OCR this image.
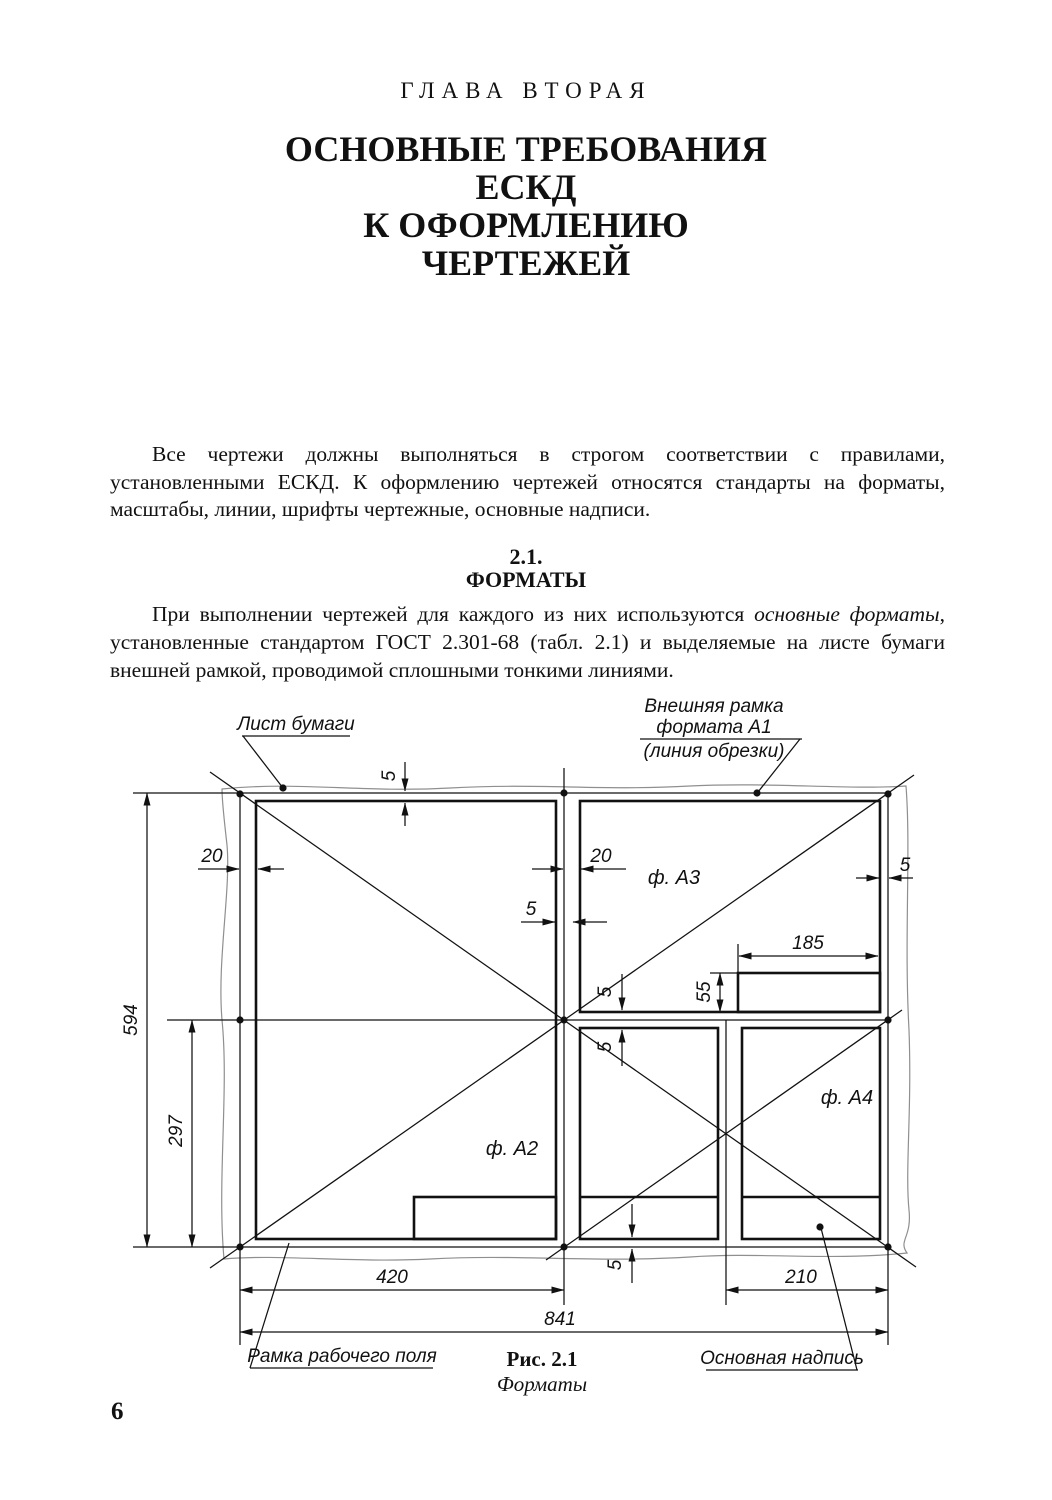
ГЛАВА ВТОРАЯ
ОСНОВНЫЕ ТРЕБОВАНИЯ
ЕСКД
К ОФОРМЛЕНИЮ
ЧЕРТЕЖЕЙ

Все чертежи должны выполняться в строгом соответствии с правилами, установленными ЕСКД. К оформлению чертежей относятся стандарты на форматы, масштабы, линии, шрифты чертежные, основные надписи.

2.1.
ФОРМАТЫ

При выполнении чертежей для каждого из них используются основные форматы, установленные стандартом ГОСТ 2.301-68 (табл. 2.1) и выделяемые на листе бумаги внешней рамкой, проводимой сплошными тонкими линиями.

594
297
420	210
841
185
55
20	20
5
5
5
5
5
5
Лист бумаги
Внешняя рамка
формата А1
(линия обрезки)
Рамка рабочего поля	Основная надпись
ф. А3
ф. А2
ф. А4
Рис. 2.1
Форматы
6
